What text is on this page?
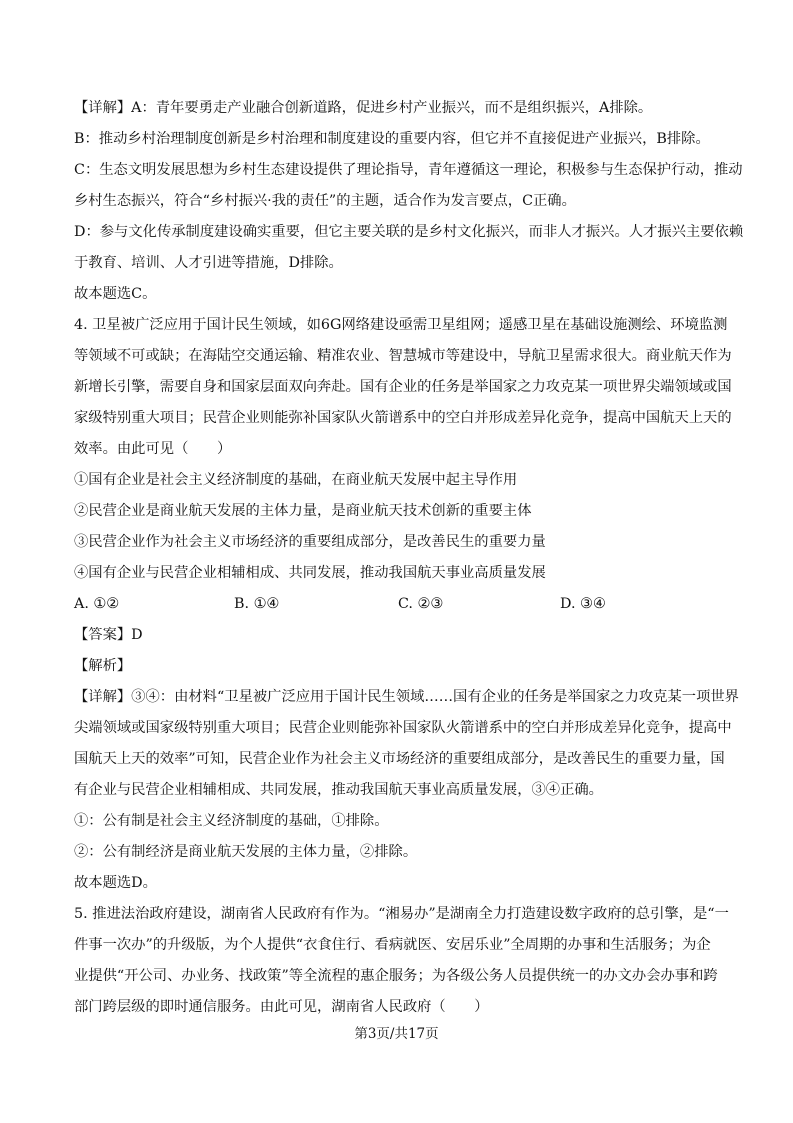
【详解】A：青年要勇走产业融合创新道路，促进乡村产业振兴，而不是组织振兴，A排除。
B：推动乡村治理制度创新是乡村治理和制度建设的重要内容，但它并不直接促进产业振兴，B排除。
C：生态文明发展思想为乡村生态建设提供了理论指导，青年遵循这一理论，积极参与生态保护行动，推动
乡村生态振兴，符合“乡村振兴·我的责任”的主题，适合作为发言要点，C正确。
D：参与文化传承制度建设确实重要，但它主要关联的是乡村文化振兴，而非人才振兴。人才振兴主要依赖
于教育、培训、人才引进等措施，D排除。
故本题选C。
4. 卫星被广泛应用于国计民生领域，如6G网络建设亟需卫星组网；遥感卫星在基础设施测绘、环境监测
等领域不可或缺；在海陆空交通运输、精准农业、智慧城市等建设中，导航卫星需求很大。商业航天作为
新增长引擎，需要自身和国家层面双向奔赴。国有企业的任务是举国家之力攻克某一项世界尖端领域或国
家级特别重大项目；民营企业则能弥补国家队火箭谱系中的空白并形成差异化竞争，提高中国航天上天的
效率。由此可见（　　）
①国有企业是社会主义经济制度的基础，在商业航天发展中起主导作用
②民营企业是商业航天发展的主体力量，是商业航天技术创新的重要主体
③民营企业作为社会主义市场经济的重要组成部分，是改善民生的重要力量
④国有企业与民营企业相辅相成、共同发展，推动我国航天事业高质量发展
A. ①②	B. ①④	C. ②③	D. ③④
【答案】D
【解析】
【详解】③④：由材料“卫星被广泛应用于国计民生领域……国有企业的任务是举国家之力攻克某一项世界
尖端领域或国家级特别重大项目；民营企业则能弥补国家队火箭谱系中的空白并形成差异化竞争，提高中
国航天上天的效率”可知，民营企业作为社会主义市场经济的重要组成部分，是改善民生的重要力量，国
有企业与民营企业相辅相成、共同发展，推动我国航天事业高质量发展，③④正确。
①：公有制是社会主义经济制度的基础，①排除。
②：公有制经济是商业航天发展的主体力量，②排除。
故本题选D。
5. 推进法治政府建设，湖南省人民政府有作为。“湘易办”是湖南全力打造建设数字政府的总引擎，是“一
件事一次办”的升级版，为个人提供“衣食住行、看病就医、安居乐业”全周期的办事和生活服务；为企
业提供“开公司、办业务、找政策”等全流程的惠企服务；为各级公务人员提供统一的办文办会办事和跨
部门跨层级的即时通信服务。由此可见，湖南省人民政府（　　）
第3页/共17页
